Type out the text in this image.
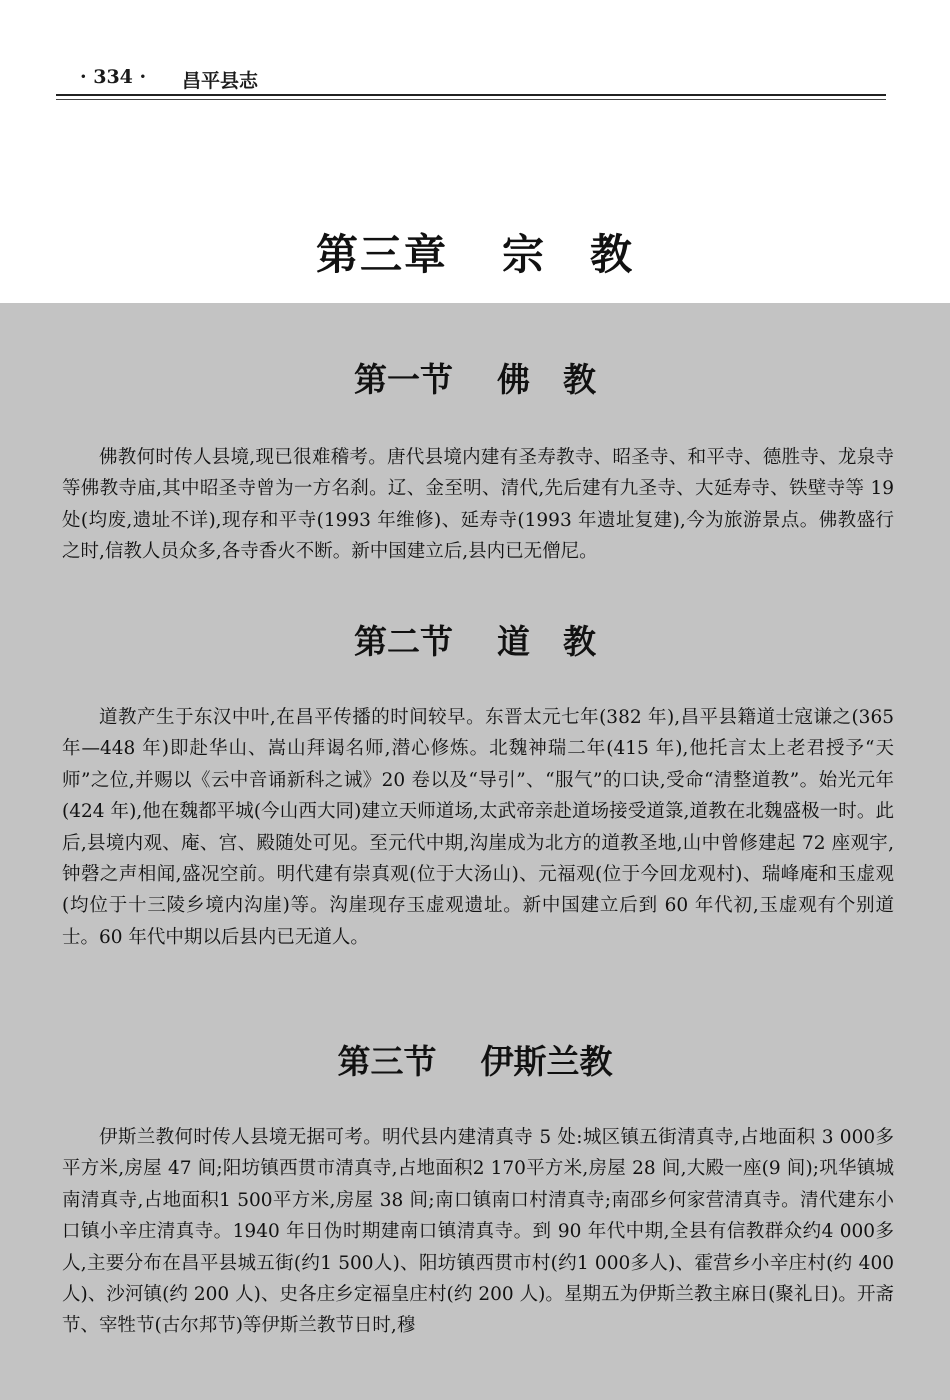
· 334 · 昌平县志
第三章 宗　教
第一节 佛　教

佛教何时传人县境,现已很难稽考。唐代县境内建有圣寿教寺、昭圣寺、和平寺、德胜寺、龙泉寺等佛教寺庙,其中昭圣寺曾为一方名刹。辽、金至明、清代,先后建有九圣寺、大延寿寺、铁壁寺等 19 处(均废,遗址不详),现存和平寺(1993 年维修)、延寿寺(1993 年遗址复建),今为旅游景点。佛教盛行之时,信教人员众多,各寺香火不断。新中国建立后,县内已无僧尼。

第二节 道　教

道教产生于东汉中叶,在昌平传播的时间较早。东晋太元七年(382 年),昌平县籍道士寇谦之(365 年—448 年)即赴华山、嵩山拜谒名师,潜心修炼。北魏神瑞二年(415 年),他托言太上老君授予“天师”之位,并赐以《云中音诵新科之诫》20 卷以及“导引”、“服气”的口诀,受命“清整道教”。始光元年(424 年),他在魏都平城(今山西大同)建立天师道场,太武帝亲赴道场接受道箓,道教在北魏盛极一时。此后,县境内观、庵、宫、殿随处可见。至元代中期,沟崖成为北方的道教圣地,山中曾修建起 72 座观宇,钟磬之声相闻,盛况空前。明代建有崇真观(位于大汤山)、元福观(位于今回龙观村)、瑞峰庵和玉虚观(均位于十三陵乡境内沟崖)等。沟崖现存玉虚观遗址。新中国建立后到 60 年代初,玉虚观有个别道士。60 年代中期以后县内已无道人。

第三节 伊斯兰教

伊斯兰教何时传人县境无据可考。明代县内建清真寺 5 处:城区镇五街清真寺,占地面积 3 000多平方米,房屋 47 间;阳坊镇西贯市清真寺,占地面积2 170平方米,房屋 28 间,大殿一座(9 间);巩华镇城南清真寺,占地面积1 500平方米,房屋 38 间;南口镇南口村清真寺;南邵乡何家营清真寺。清代建东小口镇小辛庄清真寺。1940 年日伪时期建南口镇清真寺。到 90 年代中期,全县有信教群众约4 000多人,主要分布在昌平县城五街(约1 500人)、阳坊镇西贯市村(约1 000多人)、霍营乡小辛庄村(约 400 人)、沙河镇(约 200 人)、史各庄乡定福皇庄村(约 200 人)。星期五为伊斯兰教主麻日(聚礼日)。开斋节、宰牲节(古尔邦节)等伊斯兰教节日时,穆
